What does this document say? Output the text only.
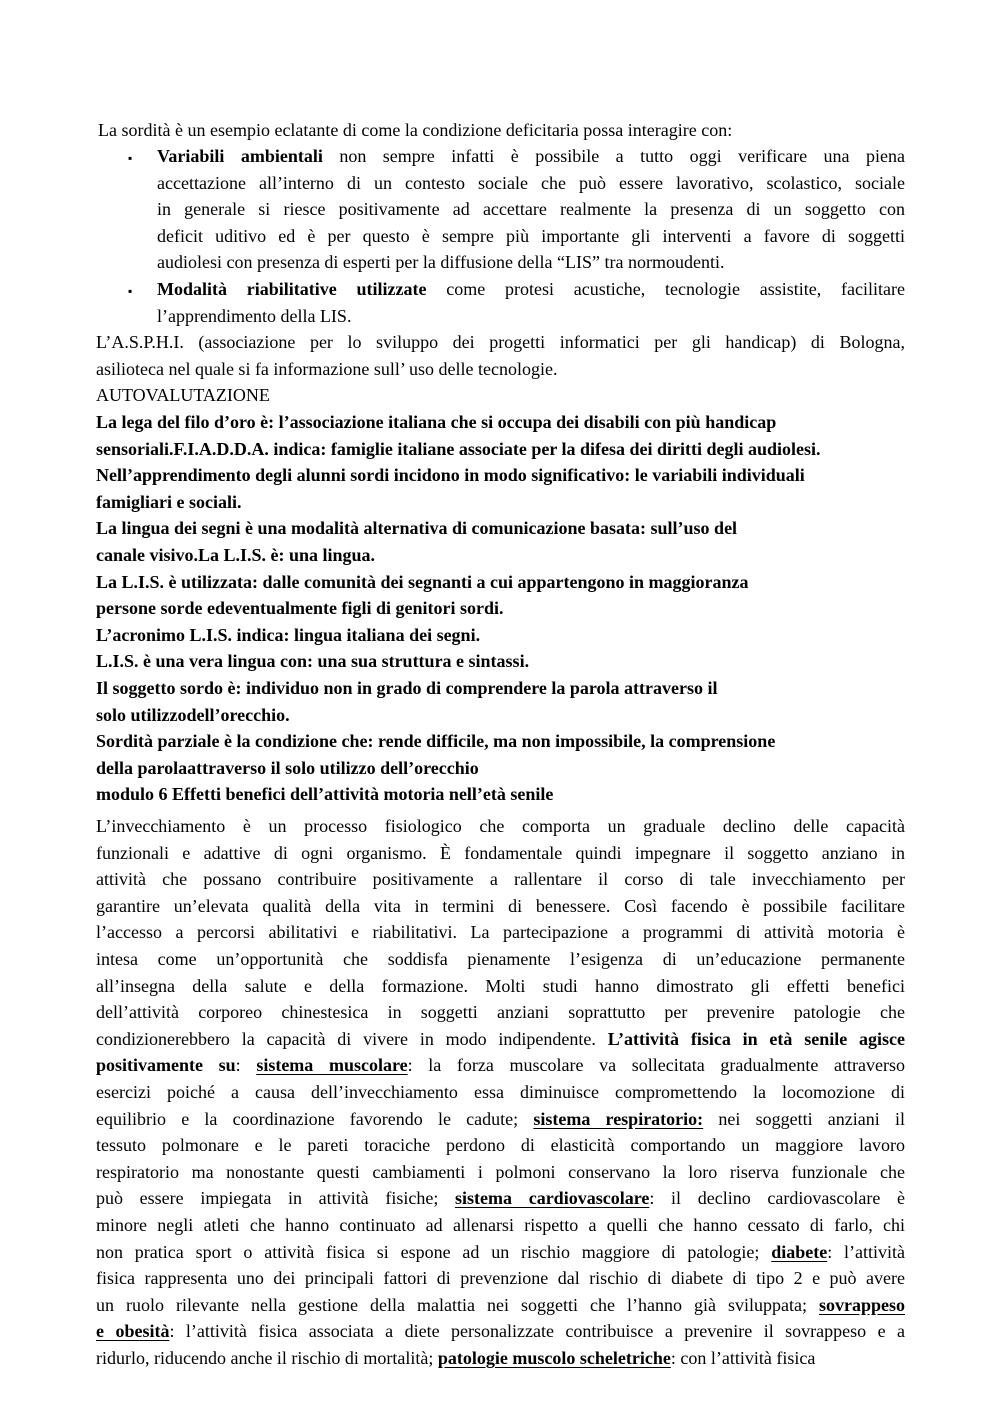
La sordità è un esempio eclatante di come la condizione deficitaria possa interagire con:
▪ Variabili ambientali non sempre infatti è possibile a tutto oggi verificare una piena
accettazione all’interno di un contesto sociale che può essere lavorativo, scolastico, sociale
in generale si riesce positivamente ad accettare realmente la presenza di un soggetto con
deficit uditivo ed è per questo è sempre più importante gli interventi a favore di soggetti
audiolesi con presenza di esperti per la diffusione della “LIS” tra normoudenti.
▪ Modalità riabilitative utilizzate come protesi acustiche, tecnologie assistite, facilitare
l’apprendimento della LIS.
L’A.S.P.H.I. (associazione per lo sviluppo dei progetti informatici per gli handicap) di Bologna,
asilioteca nel quale si fa informazione sull’ uso delle tecnologie.
AUTOVALUTAZIONE
La lega del filo d’oro è: l’associazione italiana che si occupa dei disabili con più handicap
sensoriali.F.I.A.D.D.A. indica: famiglie italiane associate per la difesa dei diritti degli audiolesi.
Nell’apprendimento degli alunni sordi incidono in modo significativo: le variabili individuali
famigliari e sociali.
La lingua dei segni è una modalità alternativa di comunicazione basata: sull’uso del
canale visivo.La L.I.S. è: una lingua.
La L.I.S. è utilizzata: dalle comunità dei segnanti a cui appartengono in maggioranza
persone sorde edeventualmente figli di genitori sordi.
L’acronimo L.I.S. indica: lingua italiana dei segni.
L.I.S. è una vera lingua con: una sua struttura e sintassi.
Il soggetto sordo è: individuo non in grado di comprendere la parola attraverso il
solo utilizzodell’orecchio.
Sordità parziale è la condizione che: rende difficile, ma non impossibile, la comprensione
della parolaattraverso il solo utilizzo dell’orecchio
modulo 6 Effetti benefici dell’attività motoria nell’età senile
L’invecchiamento è un processo fisiologico che comporta un graduale declino delle capacità
funzionali e adattive di ogni organismo. È fondamentale quindi impegnare il soggetto anziano in
attività che possano contribuire positivamente a rallentare il corso di tale invecchiamento per
garantire un’elevata qualità della vita in termini di benessere. Così facendo è possibile facilitare
l’accesso a percorsi abilitativi e riabilitativi. La partecipazione a programmi di attività motoria è
intesa come un’opportunità che soddisfa pienamente l’esigenza di un’educazione permanente
all’insegna della salute e della formazione. Molti studi hanno dimostrato gli effetti benefici
dell’attività corporeo chinestesica in soggetti anziani soprattutto per prevenire patologie che
condizionerebbero la capacità di vivere in modo indipendente. L’attività fisica in età senile agisce
positivamente su: sistema muscolare: la forza muscolare va sollecitata gradualmente attraverso
esercizi poiché a causa dell’invecchiamento essa diminuisce compromettendo la locomozione di
equilibrio e la coordinazione favorendo le cadute; sistema respiratorio: nei soggetti anziani il
tessuto polmonare e le pareti toraciche perdono di elasticità comportando un maggiore lavoro
respiratorio ma nonostante questi cambiamenti i polmoni conservano la loro riserva funzionale che
può essere impiegata in attività fisiche; sistema cardiovascolare: il declino cardiovascolare è
minore negli atleti che hanno continuato ad allenarsi rispetto a quelli che hanno cessato di farlo, chi
non pratica sport o attività fisica si espone ad un rischio maggiore di patologie; diabete: l’attività
fisica rappresenta uno dei principali fattori di prevenzione dal rischio di diabete di tipo 2 e può avere
un ruolo rilevante nella gestione della malattia nei soggetti che l’hanno già sviluppata; sovrappeso
e obesità: l’attività fisica associata a diete personalizzate contribuisce a prevenire il sovrappeso e a
ridurlo, riducendo anche il rischio di mortalità; patologie muscolo scheletriche: con l’attività fisica
